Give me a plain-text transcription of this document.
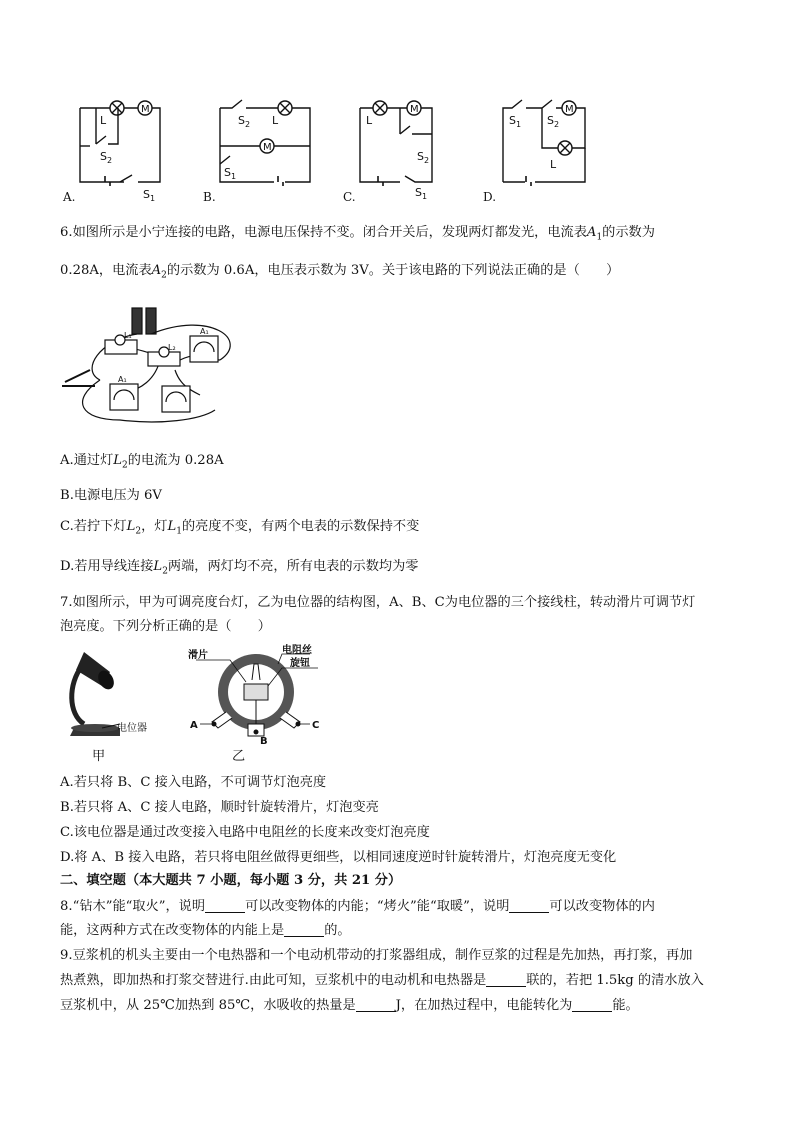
L
M
$S_2$
$S_1$
$S_2$ L
M
$S_1$
L
M
$S_2$
$S_1$
$S_1$ $S_2$
M
L
A.	B.	C.	D.
6.如图所示是小宁连接的电路，电源电压保持不变。闭合开关后，发现两灯都发光，电流表$A_1$的示数为
0.28A，电流表$A_2$的示数为 0.6A，电压表示数为 3V。关于该电路的下列说法正确的是（　　）
L₁
L₂
A₁
A₁
A.通过灯$L_2$的电流为 0.28A
B.电源电压为 6V
C.若拧下灯$L_2$，灯$L_1$的亮度不变，有两个电表的示数保持不变
D.若用导线连接$L_2$两端，两灯均不亮，所有电表的示数均为零
7.如图所示，甲为可调亮度台灯，乙为电位器的结构图，A、B、C为电位器的三个接线柱，转动滑片可调节灯
泡亮度。下列分析正确的是（　　）
电位器
甲
滑片	电阻丝
旋钮
A
B
C
乙
A.若只将 B、C 接入电路，不可调节灯泡亮度
B.若只将 A、C 接人电路，顺时针旋转滑片，灯泡变亮
C.该电位器是通过改变接入电路中电阻丝的长度来改变灯泡亮度
D.将 A、B 接入电路，若只将电阻丝做得更细些，以相同速度逆时针旋转滑片，灯泡亮度无变化
二、填空题（本大题共 7 小题，每小题 3 分，共 21 分）
8.“钻木”能“取火”，说明	可以改变物体的内能；“烤火”能“取暖”，说明	可以改变物体的内
能，这两种方式在改变物体的内能上是	的。
9.豆浆机的机头主要由一个电热器和一个电动机带动的打浆器组成，制作豆浆的过程是先加热，再打浆，再加
热煮熟，即加热和打浆交替进行.由此可知，豆浆机中的电动机和电热器是	联的，若把 1.5kg 的清水放入
豆浆机中，从 25℃加热到 85℃，水吸收的热量是	J，在加热过程中，电能转化为	能。
